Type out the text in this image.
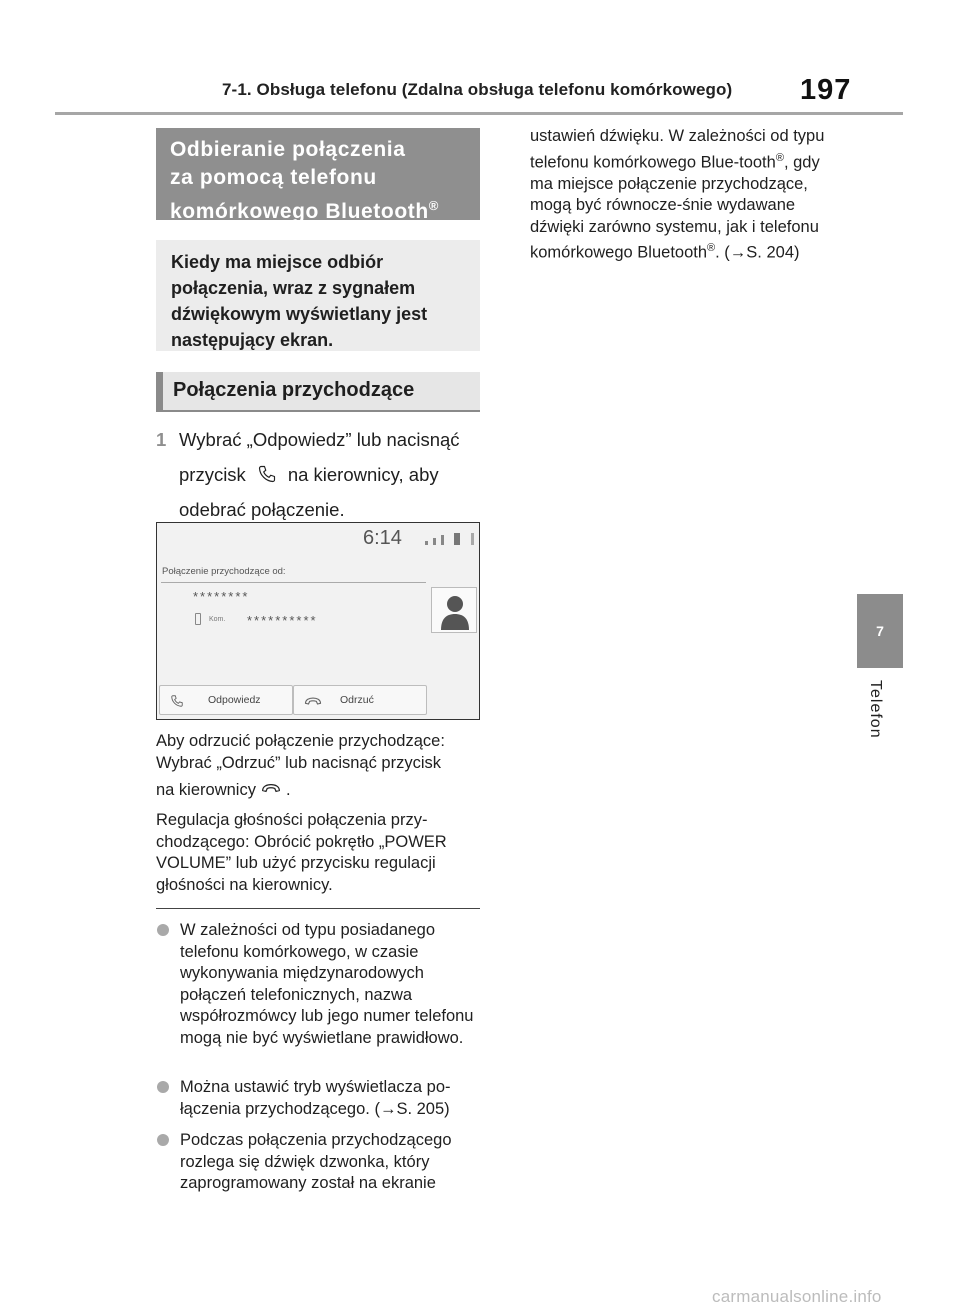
7-1. Obsługa telefonu (Zdalna obsługa telefonu komórkowego) 197
7
Telefon
Odbieranie połączenia
za pomocą telefonu
komórkowego Bluetooth®
Kiedy ma miejsce odbiór połączenia, wraz z sygnałem dźwiękowym wyświetlany jest następujący ekran.
Połączenia przychodzące
1 Wybrać „Odpowiedz” lub nacisnąć przycisk na kierownicy, aby odebrać połączenie.
6:14
Połączenie przychodzące od:
********
Kom. **********
Odpowiedz	Odrzuć
Aby odrzucić połączenie przychodzące: Wybrać „Odrzuć” lub nacisnąć przycisk
na kierownicy .
Regulacja głośności połączenia przy-chodzącego: Obrócić pokrętło „POWER VOLUME” lub użyć przycisku regulacji głośności na kierownicy.
W zależności od typu posiadanego telefonu komórkowego, w czasie wykonywania międzynarodowych połączeń telefonicznych, nazwa współrozmówcy lub jego numer telefonu mogą nie być wyświetlane prawidłowo.
Można ustawić tryb wyświetlacza po-łączenia przychodzącego. (→S. 205)
Podczas połączenia przychodzącego rozlega się dźwięk dzwonka, który zaprogramowany został na ekranie
ustawień dźwięku. W zależności od typu telefonu komórkowego Blue-tooth®, gdy ma miejsce połączenie przychodzące, mogą być równocze-śnie wydawane dźwięki zarówno systemu, jak i telefonu komórkowego Bluetooth®. (→S. 204)
carmanualsonline.info
